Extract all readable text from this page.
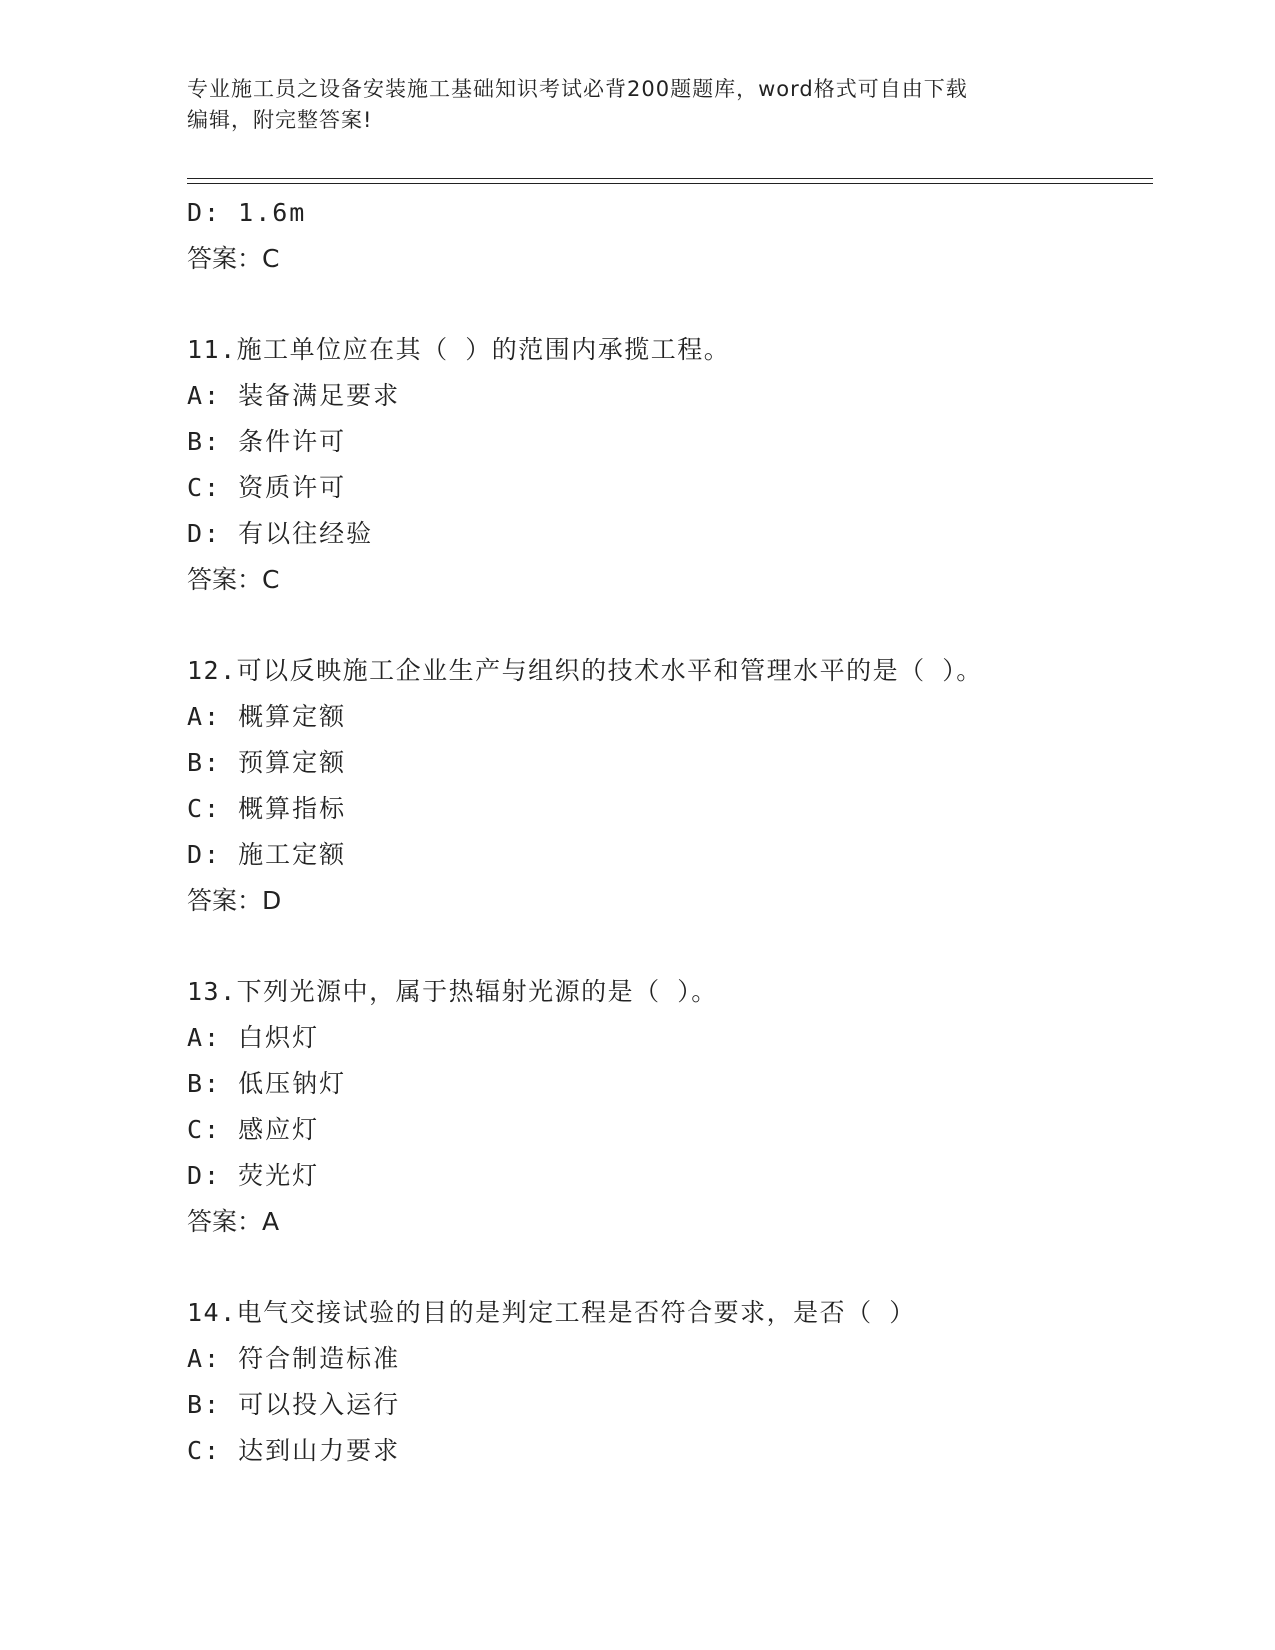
专业施工员之设备安装施工基础知识考试必背200题题库，word格式可自由下载
编辑，附完整答案!
D: 1.6m
答案：C
11.施工单位应在其（ ）的范围内承揽工程。
A: 装备满足要求
B: 条件许可
C: 资质许可
D: 有以往经验
答案：C
12.可以反映施工企业生产与组织的技术水平和管理水平的是（ ）。
A: 概算定额
B: 预算定额
C: 概算指标
D: 施工定额
答案：D
13.下列光源中，属于热辐射光源的是（ ）。
A: 白炽灯
B: 低压钠灯
C: 感应灯
D: 荧光灯
答案：A
14.电气交接试验的目的是判定工程是否符合要求，是否（ ）
A: 符合制造标准
B: 可以投入运行
C: 达到山力要求
